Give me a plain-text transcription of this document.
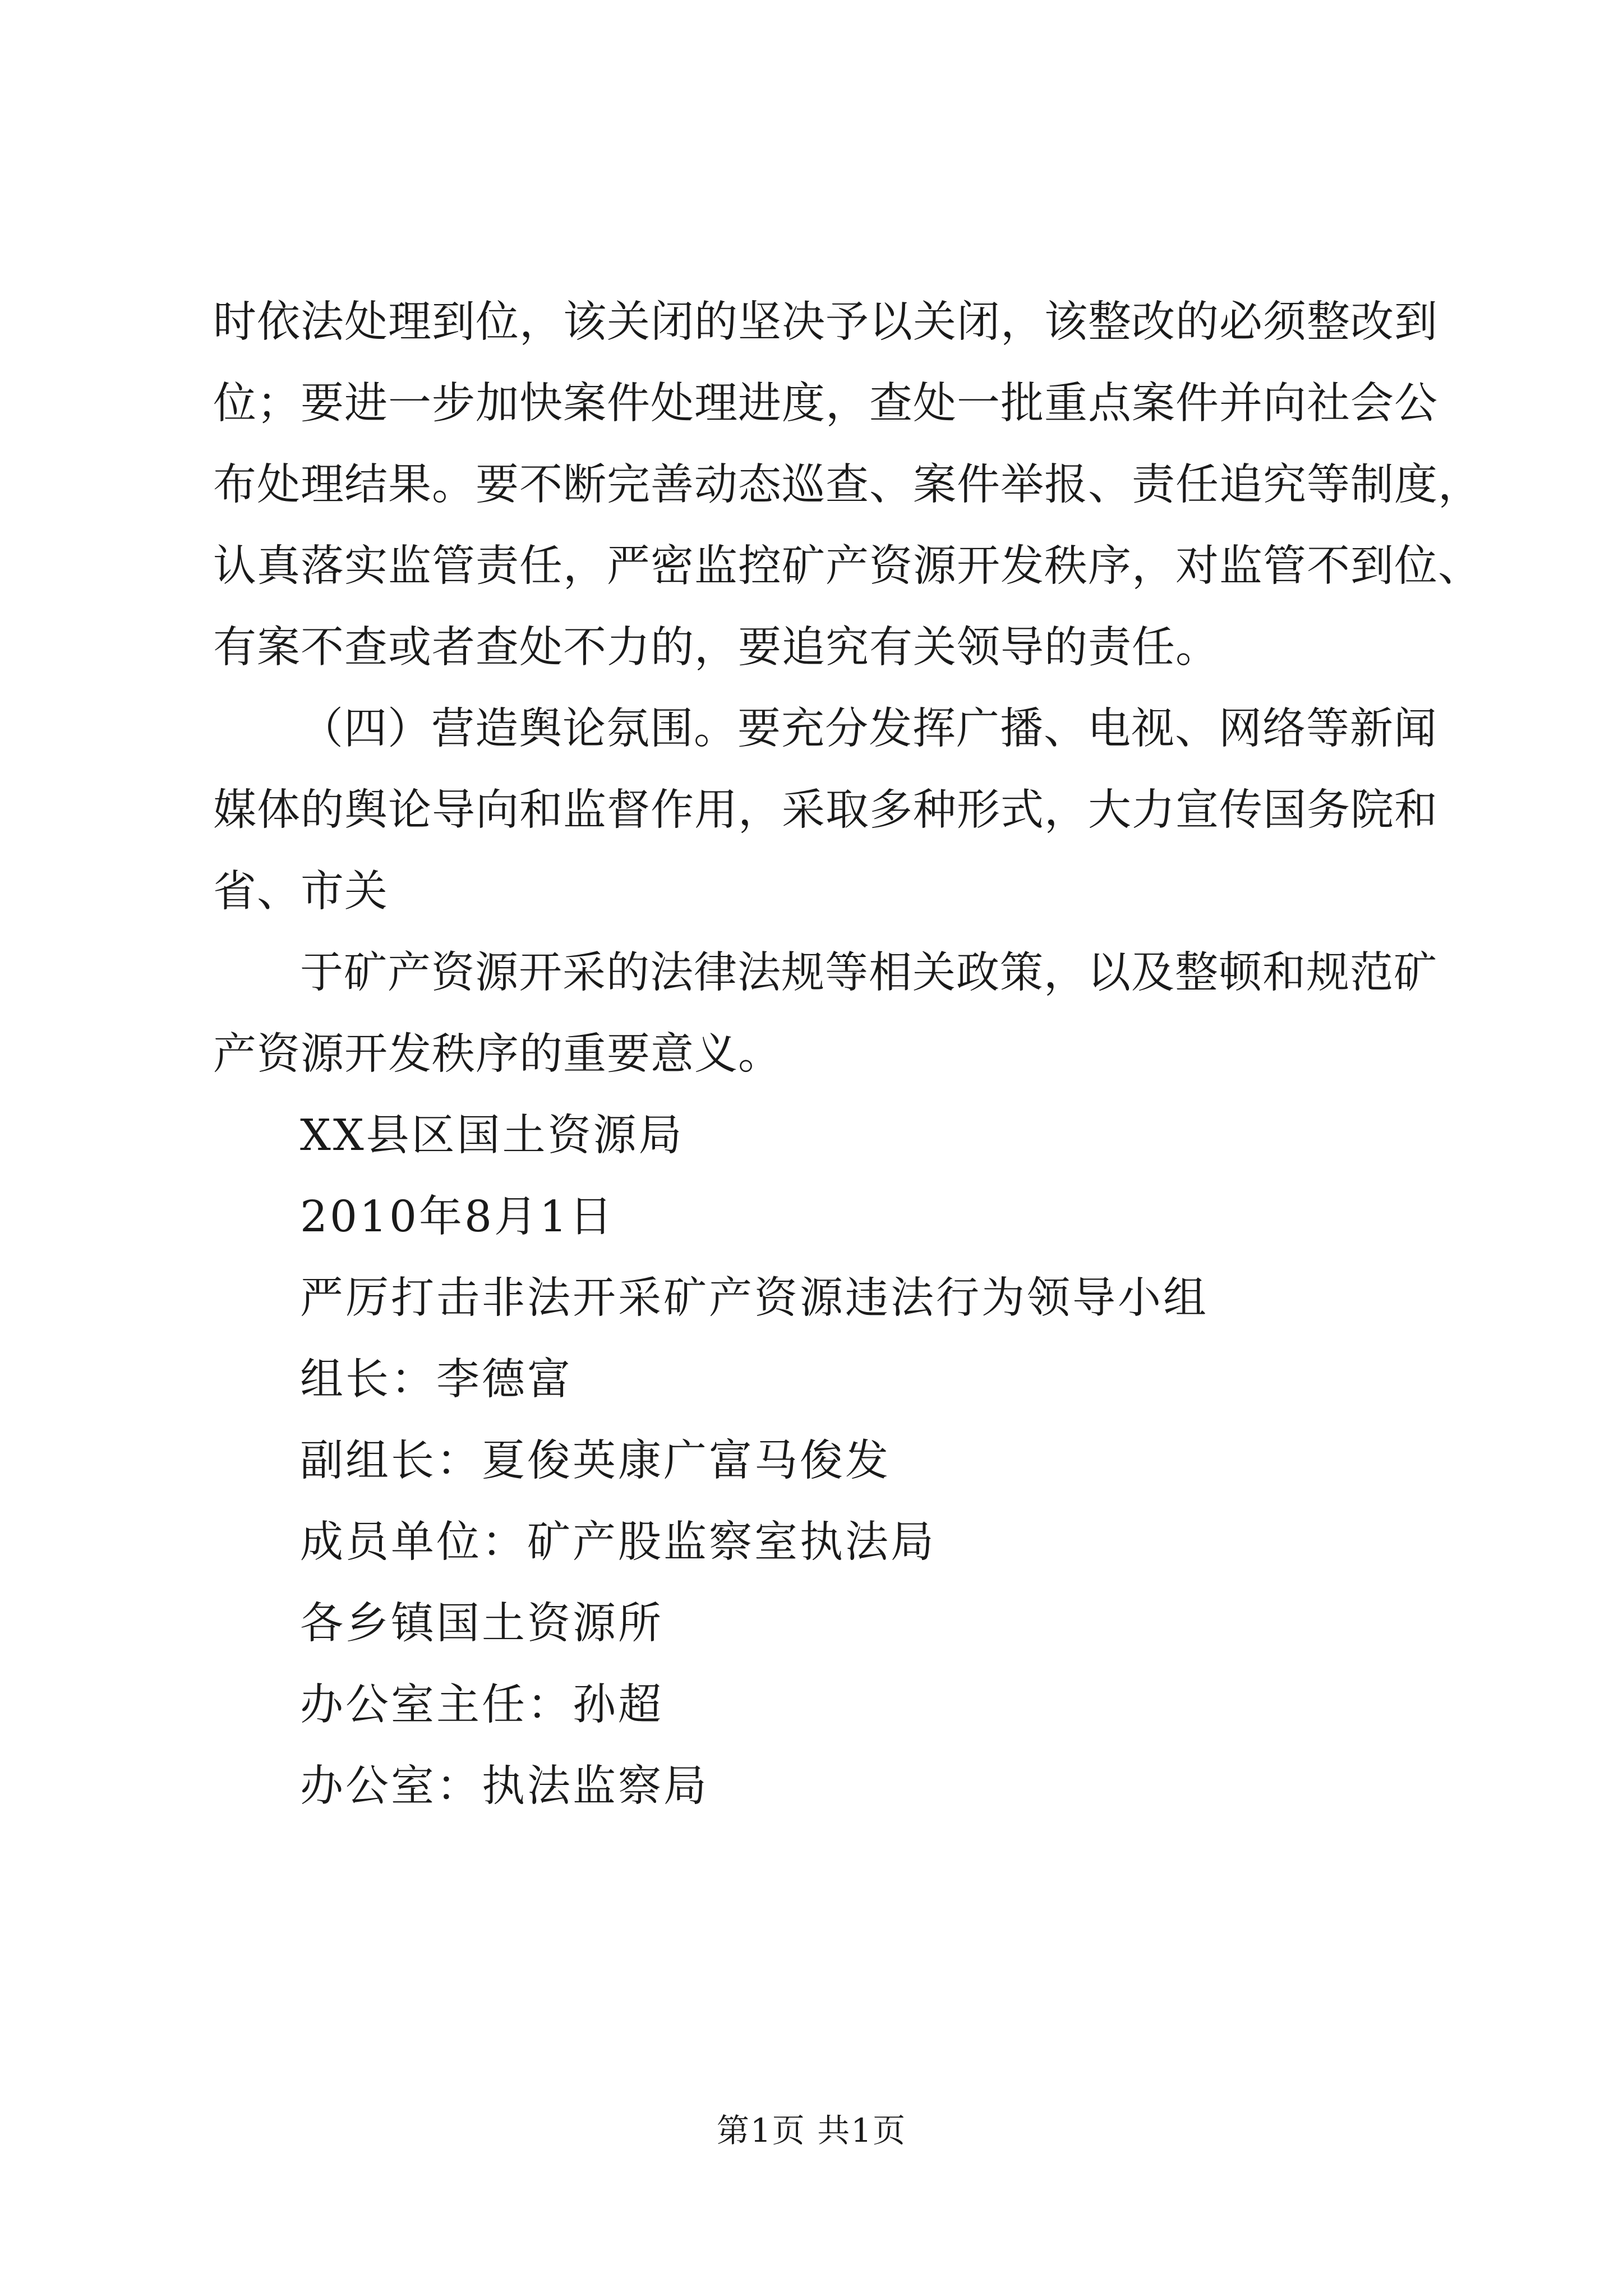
时依法处理到位，该关闭的坚决予以关闭，该整改的必须整改到
位；要进一步加快案件处理进度，查处一批重点案件并向社会公
布处理结果。要不断完善动态巡查、案件举报、责任追究等制度，
认真落实监管责任，严密监控矿产资源开发秩序，对监管不到位、
有案不查或者查处不力的，要追究有关领导的责任。
（四）营造舆论氛围。要充分发挥广播、电视、网络等新闻
媒体的舆论导向和监督作用，采取多种形式，大力宣传国务院和
省、市关
于矿产资源开采的法律法规等相关政策，以及整顿和规范矿
产资源开发秩序的重要意义。
XX县区国土资源局
2010年8月1日
严厉打击非法开采矿产资源违法行为领导小组
组长：李德富
副组长：夏俊英康广富马俊发
成员单位：矿产股监察室执法局
各乡镇国土资源所
办公室主任：孙超
办公室：执法监察局
第1页 共1页
